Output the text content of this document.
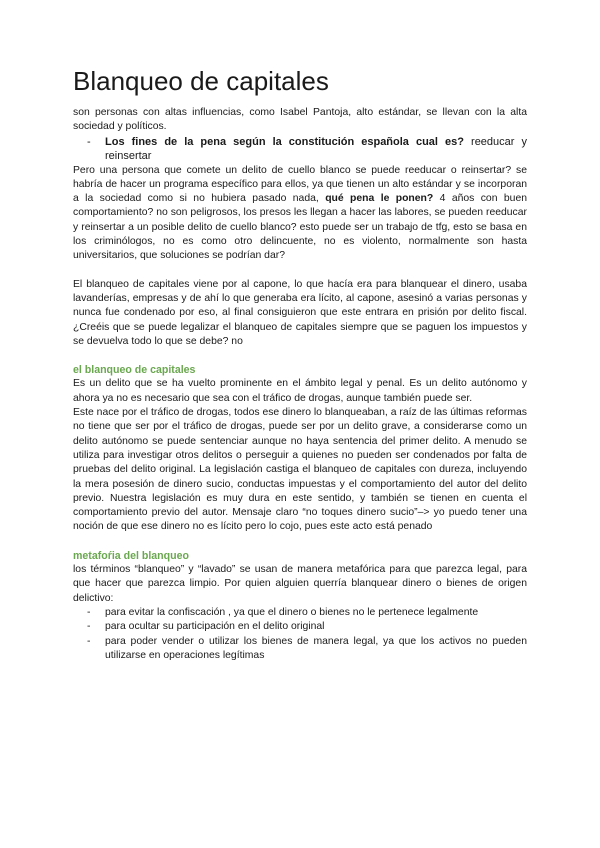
Blanqueo de capitales

son personas con altas influencias, como Isabel Pantoja, alto estándar, se llevan con la alta sociedad y políticos.

- Los fines de la pena según la constitución española cual es? reeducar y reinsertar

Pero una persona que comete un delito de cuello blanco se puede reeducar o reinsertar? se habría de hacer un programa específico para ellos, ya que tienen un alto estándar y se incorporan a la sociedad como si no hubiera pasado nada, qué pena le ponen? 4 años con buen comportamiento? no son peligrosos, los presos les llegan a hacer las labores, se pueden reeducar y reinsertar a un posible delito de cuello blanco? esto puede ser un trabajo de tfg, esto se basa en los criminólogos, no es como otro delincuente, no es violento, normalmente son hasta universitarios, que soluciones se podrían dar?

El blanqueo de capitales viene por al capone, lo que hacía era para blanquear el dinero, usaba lavanderías, empresas y de ahí lo que generaba era lícito, al capone, asesinó a varias personas y nunca fue condenado por eso, al final consiguieron que este entrara en prisión por delito fiscal. ¿Creéis que se puede legalizar el blanqueo de capitales siempre que se paguen los impuestos y se devuelva todo lo que se debe? no

el blanqueo de capitales

Es un delito que se ha vuelto prominente en el ámbito legal y penal. Es un delito autónomo y ahora ya no es necesario que sea con el tráfico de drogas, aunque también puede ser.

Este nace por el tráfico de drogas, todos ese dinero lo blanqueaban, a raíz de las últimas reformas no tiene que ser por el tráfico de drogas, puede ser por un delito grave, a considerarse como un delito autónomo se puede sentenciar aunque no haya sentencia del primer delito. A menudo se utiliza para investigar otros delitos o perseguir a quienes no pueden ser condenados por falta de pruebas del delito original. La legislación castiga el blanqueo de capitales con dureza, incluyendo la mera posesión de dinero sucio, conductas impuestas y el comportamiento del autor del delito previo. Nuestra legislación es muy dura en este sentido, y también se tienen en cuenta el comportamiento previo del autor. Mensaje claro “no toques dinero sucio”–> yo puedo tener una noción de que ese dinero no es lícito pero lo cojo, pues este acto está penado

metafoŕia del blanqueo

los términos “blanqueo” y “lavado” se usan de manera metafórica para que parezca legal, para que hacer que parezca limpio. Por quien alguien querría blanquear dinero o bienes de origen delictivo:

- para evitar la confiscación , ya que el dinero o bienes no le pertenece legalmente
- para ocultar su participación en el delito original
- para poder vender o utilizar los bienes de manera legal, ya que los activos no pueden utilizarse en operaciones legítimas
